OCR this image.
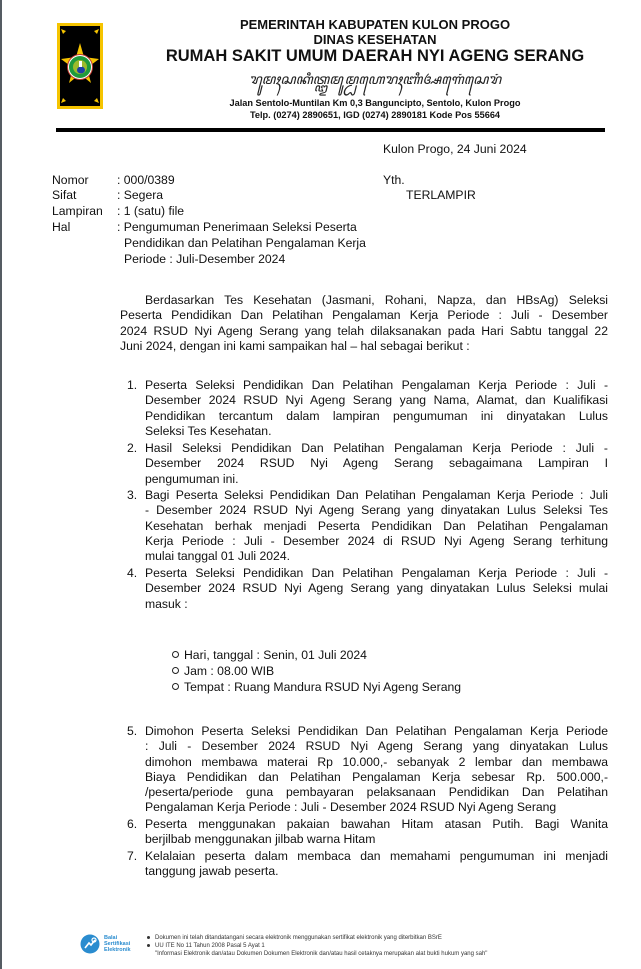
PEMERINTAH KABUPATEN KULON PROGO
DINAS KESEHATAN
RUMAH SAKIT UMUM DAERAH NYI AGENG SERANG
ꦫꦸꦩꦃꦱꦏꦶꦠ꧀ꦈꦩꦸꦩ꧀ꦝꦲꦺꦫꦃꦚꦶꦄꦒꦺꦁꦱꦺꦫꦁ
Jalan Sentolo-Muntilan Km 0,3 Banguncipto, Sentolo, Kulon Progo
Telp. (0274) 2890651, IGD (0274) 2890181 Kode Pos 55664
Kulon Progo, 24 Juni 2024
Nomor : 000/0389
Sifat	: Segera
Lampiran : 1 (satu) file
Hal	: Pengumuman Penerimaan Seleksi Peserta
Pendidikan dan Pelatihan Pengalaman Kerja
Periode : Juli-Desember 2024
Yth.
TERLAMPIR
Berdasarkan Tes Kesehatan (Jasmani, Rohani, Napza, dan HBsAg) Seleksi
Peserta Pendidikan Dan Pelatihan Pengalaman Kerja Periode : Juli - Desember
2024 RSUD Nyi Ageng Serang yang telah dilaksanakan pada Hari Sabtu tanggal 22
Juni 2024, dengan ini kami sampaikan hal – hal sebagai berikut :
1. Peserta Seleksi Pendidikan Dan Pelatihan Pengalaman Kerja Periode : Juli -
Desember 2024 RSUD Nyi Ageng Serang yang Nama, Alamat, dan Kualifikasi
Pendidikan tercantum dalam lampiran pengumuman ini dinyatakan Lulus
Seleksi Tes Kesehatan.
2. Hasil Seleksi Pendidikan Dan Pelatihan Pengalaman Kerja Periode : Juli -
Desember 2024 RSUD Nyi Ageng Serang sebagaimana Lampiran I
pengumuman ini.
3. Bagi Peserta Seleksi Pendidikan Dan Pelatihan Pengalaman Kerja Periode : Juli
- Desember 2024 RSUD Nyi Ageng Serang yang dinyatakan Lulus Seleksi Tes
Kesehatan berhak menjadi Peserta Pendidikan Dan Pelatihan Pengalaman
Kerja Periode : Juli - Desember 2024 di RSUD Nyi Ageng Serang terhitung
mulai tanggal 01 Juli 2024.
4. Peserta Seleksi Pendidikan Dan Pelatihan Pengalaman Kerja Periode : Juli -
Desember 2024 RSUD Nyi Ageng Serang yang dinyatakan Lulus Seleksi mulai
masuk :
Hari, tanggal : Senin, 01 Juli 2024
Jam : 08.00 WIB
Tempat : Ruang Mandura RSUD Nyi Ageng Serang
5. Dimohon Peserta Seleksi Pendidikan Dan Pelatihan Pengalaman Kerja Periode
: Juli - Desember 2024 RSUD Nyi Ageng Serang yang dinyatakan Lulus
dimohon membawa materai Rp 10.000,- sebanyak 2 lembar dan membawa
Biaya Pendidikan dan Pelatihan Pengalaman Kerja sebesar Rp. 500.000,-
/peserta/periode guna pembayaran pelaksanaan Pendidikan Dan Pelatihan
Pengalaman Kerja Periode : Juli - Desember 2024 RSUD Nyi Ageng Serang
6. Peserta menggunakan pakaian bawahan Hitam atasan Putih. Bagi Wanita
berjilbab menggunakan jilbab warna Hitam
7. Kelalaian peserta dalam membaca dan memahami pengumuman ini menjadi
tanggung jawab peserta.
Balai
Sertifikasi
Elektronik
Dokumen ini telah ditandatangani secara elektronik menggunakan sertifikat elektronik yang diterbitkan BSrE
UU ITE No 11 Tahun 2008 Pasal 5 Ayat 1
"Informasi Elektronik dan/atau Dokumen Dokumen Elektronik dan/atau hasil cetaknya merupakan alat bukti hukum yang sah"
